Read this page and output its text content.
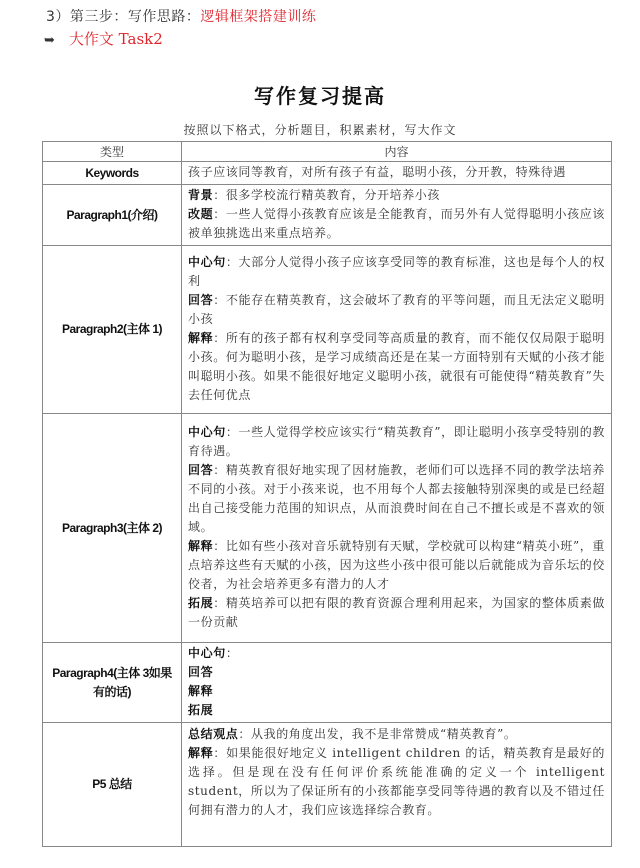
3）第三步：写作思路：逻辑框架搭建训练
➥ 大作文 Task2
写作复习提高
按照以下格式，分析题目，积累素材，写大作文
类型	内容
Keywords	孩子应该同等教育，对所有孩子有益，聪明小孩，分开教，特殊待遇

Paragraph1(介绍)	背景：很多学校流行精英教育，分开培养小孩
改题：一些人觉得小孩教育应该是全能教育，而另外有人觉得聪明小孩应该被单独挑选出来重点培养。

Paragraph2(主体 1)	中心句：大部分人觉得小孩子应该享受同等的教育标准，这也是每个人的权利
回答：不能存在精英教育，这会破坏了教育的平等问题，而且无法定义聪明小孩
解释：所有的孩子都有权利享受同等高质量的教育，而不能仅仅局限于聪明小孩。何为聪明小孩，是学习成绩高还是在某一方面特别有天赋的小孩才能叫聪明小孩。如果不能很好地定义聪明小孩，就很有可能使得“精英教育”失去任何优点

Paragraph3(主体 2)	中心句：一些人觉得学校应该实行“精英教育”，即让聪明小孩享受特别的教育待遇。
回答：精英教育很好地实现了因材施教，老师们可以选择不同的教学法培养不同的小孩。对于小孩来说，也不用每个人都去接触特别深奥的或是已经超出自己接受能力范围的知识点，从而浪费时间在自己不擅长或是不喜欢的领域。
解释：比如有些小孩对音乐就特别有天赋，学校就可以构建“精英小班”，重点培养这些有天赋的小孩，因为这些小孩中很可能以后就能成为音乐坛的佼佼者，为社会培养更多有潜力的人才
拓展：精英培养可以把有限的教育资源合理利用起来，为国家的整体质素做一份贡献

Paragraph4(主体 3如果有的话)	中心句：
回答
解释
拓展

P5 总结	总结观点：从我的角度出发，我不是非常赞成“精英教育”。
解释：如果能很好地定义 intelligent children 的话，精英教育是最好的选择。但是现在没有任何评价系统能准确的定义一个 intelligent student，所以为了保证所有的小孩都能享受同等待遇的教育以及不错过任何拥有潜力的人才，我们应该选择综合教育。
